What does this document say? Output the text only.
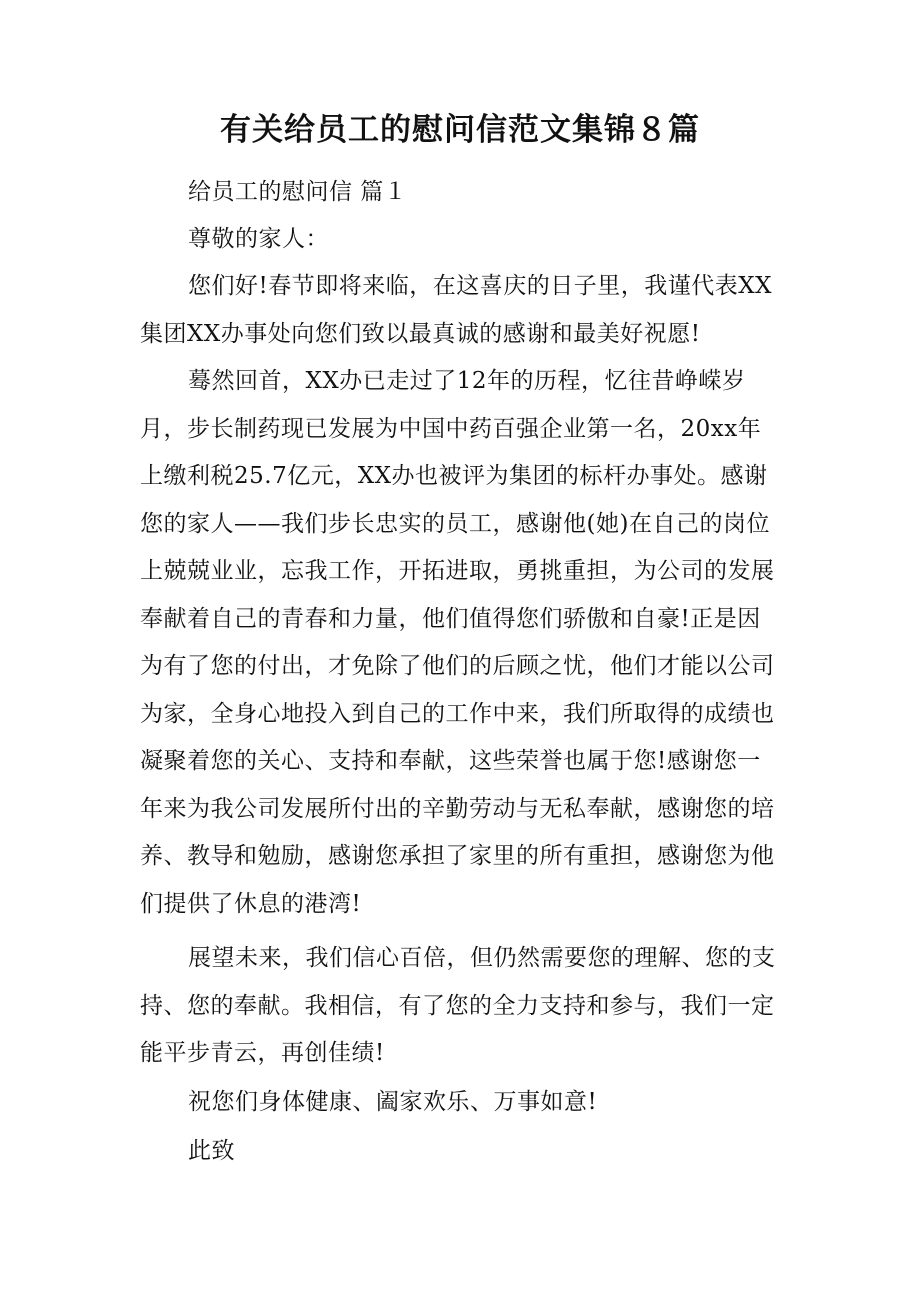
有关给员工的慰问信范文集锦８篇
给员工的慰问信 篇１
尊敬的家人：
您们好!春节即将来临，在这喜庆的日子里，我谨代表XX集团XX办事处向您们致以最真诚的感谢和最美好祝愿!
蓦然回首，XX办已走过了12年的历程，忆往昔峥嵘岁月，步长制药现已发展为中国中药百强企业第一名，20xx年上缴利税25.7亿元，XX办也被评为集团的标杆办事处。感谢您的家人——我们步长忠实的员工，感谢他(她)在自己的岗位上兢兢业业，忘我工作，开拓进取，勇挑重担，为公司的发展奉献着自己的青春和力量，他们值得您们骄傲和自豪!正是因为有了您的付出，才免除了他们的后顾之忧，他们才能以公司为家，全身心地投入到自己的工作中来，我们所取得的成绩也凝聚着您的关心、支持和奉献，这些荣誉也属于您!感谢您一年来为我公司发展所付出的辛勤劳动与无私奉献，感谢您的培养、教导和勉励，感谢您承担了家里的所有重担，感谢您为他们提供了休息的港湾!
展望未来，我们信心百倍，但仍然需要您的理解、您的支持、您的奉献。我相信，有了您的全力支持和参与，我们一定能平步青云，再创佳绩!
祝您们身体健康、阖家欢乐、万事如意!
此致
